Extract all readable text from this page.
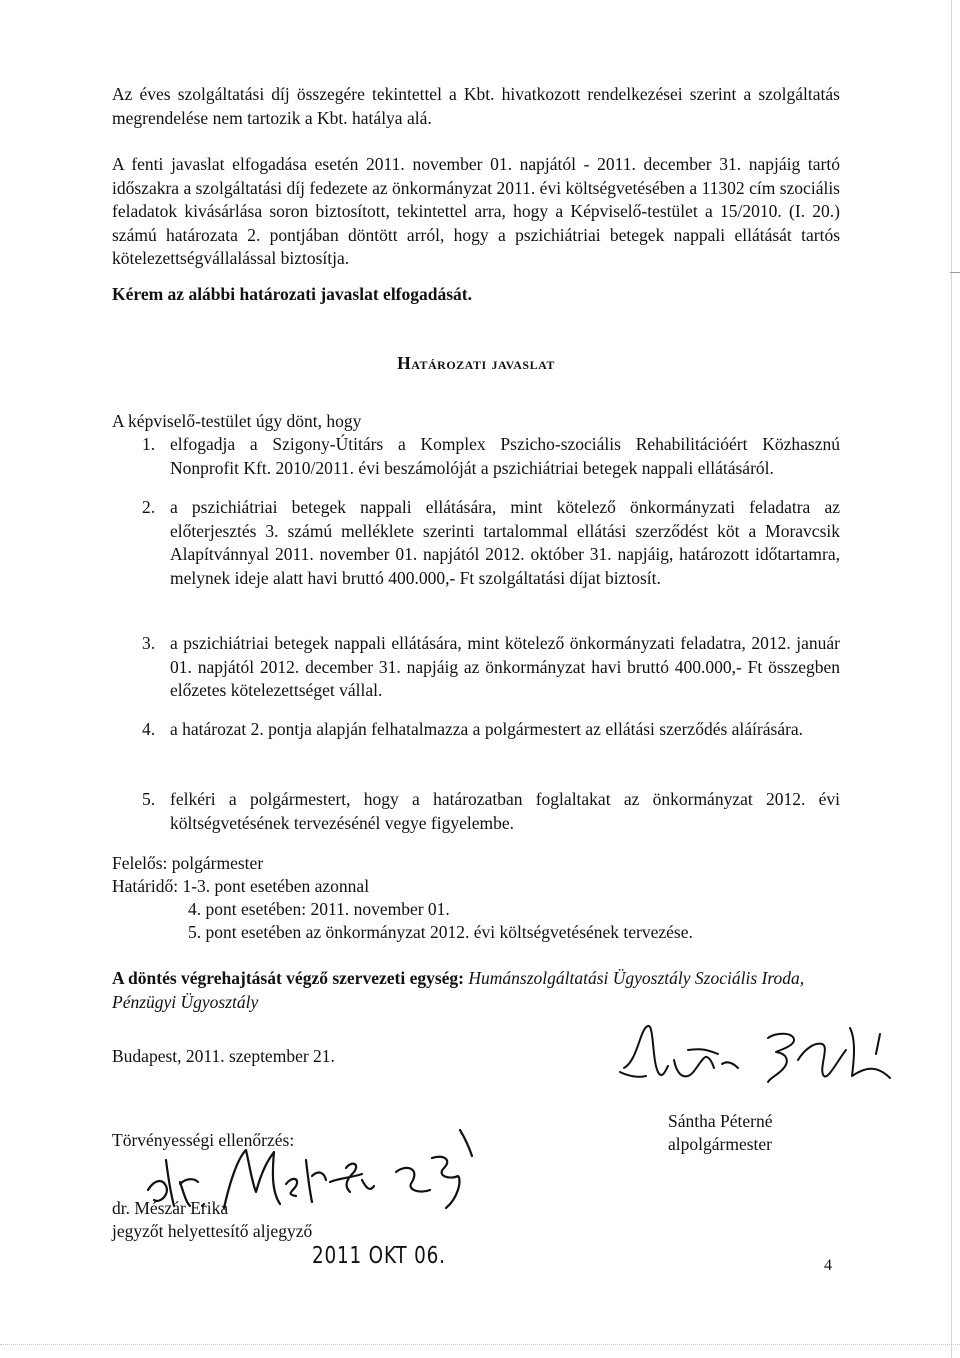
Az éves szolgáltatási díj összegére tekintettel a Kbt. hivatkozott rendelkezései szerint a szolgáltatás megrendelése nem tartozik a Kbt. hatálya alá.
A fenti javaslat elfogadása esetén 2011. november 01. napjától - 2011. december 31. napjáig tartó időszakra a szolgáltatási díj fedezete az önkormányzat 2011. évi költségvetésében a 11302 cím szociális feladatok kivásárlása soron biztosított, tekintettel arra, hogy a Képviselő-testület a 15/2010. (I. 20.) számú határozata 2. pontjában döntött arról, hogy a pszichiátriai betegek nappali ellátását tartós kötelezettségvállalással biztosítja.
Kérem az alábbi határozati javaslat elfogadását.
Határozati javaslat
A képviselő-testület úgy dönt, hogy
1. elfogadja a Szigony-Útitárs a Komplex Pszicho-szociális Rehabilitációért Közhasznú Nonprofit Kft. 2010/2011. évi beszámolóját a pszichiátriai betegek nappali ellátásáról.
2. a pszichiátriai betegek nappali ellátására, mint kötelező önkormányzati feladatra az előterjesztés 3. számú melléklete szerinti tartalommal ellátási szerződést köt a Moravcsik Alapítvánnyal 2011. november 01. napjától 2012. október 31. napjáig, határozott időtartamra, melynek ideje alatt havi bruttó 400.000,- Ft szolgáltatási díjat biztosít.
3. a pszichiátriai betegek nappali ellátására, mint kötelező önkormányzati feladatra, 2012. január 01. napjától 2012. december 31. napjáig az önkormányzat havi bruttó 400.000,- Ft összegben előzetes kötelezettséget vállal.
4. a határozat 2. pontja alapján felhatalmazza a polgármestert az ellátási szerződés aláírására.
5. felkéri a polgármestert, hogy a határozatban foglaltakat az önkormányzat 2012. évi költségvetésének tervezésénél vegye figyelembe.
Felelős: polgármester
Határidő: 1-3. pont esetében azonnal
4. pont esetében: 2011. november 01.
5. pont esetében az önkormányzat 2012. évi költségvetésének tervezése.
A döntés végrehajtását végző szervezeti egység: Humánszolgáltatási Ügyosztály Szociális Iroda, Pénzügyi Ügyosztály
Budapest, 2011. szeptember 21.
Sántha Péterné
alpolgármester
Törvényességi ellenőrzés:
dr. Mészár Erika
jegyzőt helyettesítő aljegyző
2011 OKT 06.	4
